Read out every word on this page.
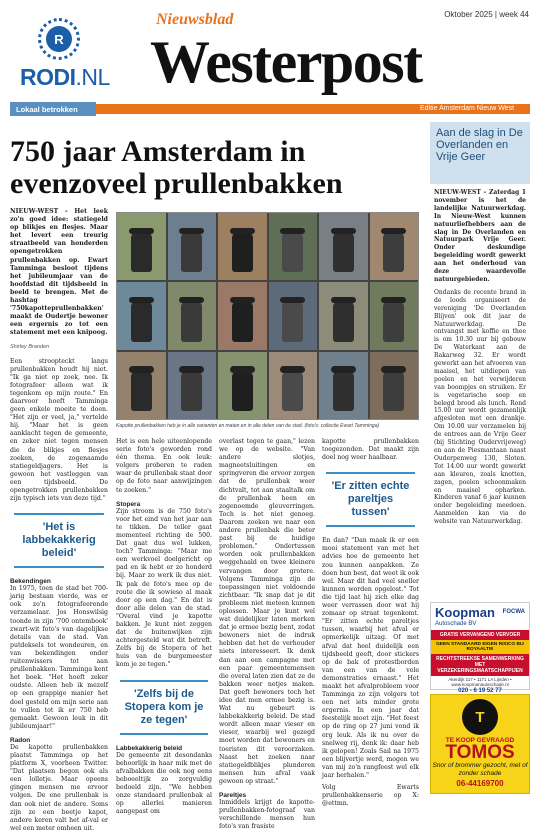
R
RODI.NL
Oktober 2025 | week 44
Nieuwsblad
Westerpost
Lokaal betrokken	Editie Amsterdam Nieuw West
750 jaar Amsterdam in evenzoveel prullenbakken

NIEUW-WEST – Het leek zo'n goed idee: statiegeld op blikjes en flesjes. Maar het levert een treurig straatbeeld van honderden opengetrokken prullenbakken op. Ewart Tamminga besloot tijdens het jubileumjaar van de hoofdstad dit tijdsbeeld in beeld te brengen. Met de hashtag '750kapotteprullenbakken' maakt de Oudertje bewoner een ergernis zo tot een statement met een knipoog.

Shirley Branden

Een stroopteckt langs prullenbakken houdt hij niet. "Ik ga niet op zoek, nee. Ik fotografeer alleen wat ik tegenkom op mijn route." En daarvoor hoeft Tamminga geen enkele moeite te doen. "Het zijn er veel, ja," vertelde hij. "Maar het is geen aanklacht tegen de gemeente, en zeker niet tegen mensen die de blikjes en flesjes zoeken, de zogenaamde statiegeldjagers. Het is gewoon het vastleggen van een tijdsbeeld. De opengetrokken prullenbakken zijn typisch iets van deze tijd."

'Het is labbekakkerig beleid'
Bekendingen

In 1975, toen de stad het 700-jarig bestaan vierde, was er ook zo'n fotografeerende verzamelaar. Jos Honswilsig toonde in zijn '700 ontembook' zwart-wit foto's van dagelijkse details van de stad. Van putdeksels tot wondeuren, en van bekendingen onder ruitenwissers tot aan prullenbakken. Tamminga kent het boek. "Het hoeft zeker oudste. Alleen heb ik mezelf op een grappige manier het doel gesteld om mijn serie aan te vullen tot ik er 750 heb gemaakt. Gewoon leuk in dit jubileumjaar!"

Radon

De kapotte prullenbakken plaatst Tamminga op het platform X, voorheen Twitter. "Dat plaatsen begon ook als een lolletje. Maar opeens gingen mensen me ervoor volgen. De ene prullenbak is dan ook niet de andere. Soms zijn ze een beetje kapot, andere keren valt het af-val er wel een meter omheen uit.

Kapotte prullenbakken heb je in alle varianten en maten en in alle delen van de stad. (foto's: collectie Ewart Tamminga)

Het is een hele uiteenlopende serie foto's geworden rond één thema. En ook leuk: volgers proberen te raden waar de prullenbak staat door op de foto naar aanwijzingen te zoeken."

Stopera

Zijn stroom is de 750 foto's voor het eind van het jaar aan te tikken. De teller gaat momenteel richting de 500. Dat gaat dus wel lukken, toch? Tamminga: "Maar me een werkvoel doelgericht op pad en ik hebt er zo honderd bij. Maar zo werk ik dus niet. Ik pak de foto's mee op de route die ik sowieso al maak door op een dag." En dat is door alle delen van de stad. "Overal vind je kapotte bakken. Je kunt niet zeggen dat de buitenwijken zijn achtergesteld wat dit betreft. Zelfs bij de Stopera of het huis van de burgemeester kom je ze tegen."

'Zelfs bij de Stopera kom je ze tegen'
Labbekakkerig beleid

De gemeente zit desondanks behoorlijk in haar mik met de afvalbakken die ook nog eens beboeeltijk zo zorgvuldig bedoeld zijn. "We hebben onze standaard prullenbak al op allerlei manieren aangepast om

overlast tegen te gaan," lezen we op de website. "Van andere slotjes, magneetsluitingen en springveren die ervoor zorgen dat de prullenbak weer dichtvalt, tot aan staaltalk om de prullenbak heen en zogenoemde gleuverringen. Toch is het niet genoeg. Daarom zoeken we naar een andere prullenbak die beter past bij de huidige problemen." Ondertussen worden ook prullenbakken weggehaald en twee kleinere vervangen door grotere. Volgens Tamminga zijn de toepassingen niet voldoende zichtbaar. "Ik snap dat je dit probleem niet meteen kunnen oplossen. Maar je kunt wel wat duidelijker laten merken dat je ermee bezig bent, zodat bewoners niet de indruk hebben dat het de verhouder niets interesseert. Ik denk dan aan een campagne met een paar gemeentemensen die overal laten zien dat ze de bakken weer netjes maken. Dat geeft bewoners toch het idee dat men ermee bezig is. Wat nu gebeurt is labbekakkerig beleid. De stad wordt alleen maar vieser en vieser, waarbij wel gezegd moet worden dat bewoners en toeristen dit veroorzaken. Naast het zoeken naar statiegeldblikjes plunderen mensen hun afval vaak gewoon op straat."

Pareltjes

Inmiddels krijgt de kapotte-prullenbakken-fotograaf van verschillende mensen hun foto's van frasiste

kapotte prullenbakken toegezonden. Dat maakt zijn doel nog weer haalbaar.

'Er zitten echte pareltjes tussen'

En dan? "Dan maak ik er een mooi statement van met het advies hoe de gemeente het zou kunnen aanpakken. Ze doen hun best, dat weet ik ook wel. Maar dit had veel sneller kunnen worden opgelost." Tot die tijd laat hij zich elke dag weer verrassen door wat hij zomaar op straat tegenkomt. "Er zitten echte pareltjes tussen, waarbij het afval er opmerkelijk uitzag. Of met afval dat heel duidelijk een tijdsbeeld geeft, door stickers op de bak of protestborden van een van de vele demonstraties ernaast." Het maakt het afvalprobleem voor Tamminga zo zijn volgers tot een net iets minder grote ergernis. In een jaar dat feestelijk moet zijn. "Het feest op de ring op 27 juni vond ik erg leuk. Als ik nu over de snelweg rij, denk ik: daar heb ik gelopen! Zoals Sail na 1975 een blijvertje werd, mogen we van mij zo'n rangfeest wel elk jaar herhalen."

Volg Ewarts prullenbakkenserie op X: @ettmn.

Aan de slag in De Overlanden en Vrije Geer

NIEUW-WEST – Zaterdag 1 november is het de landelijke Natuurwerkdag. In Nieuw-West kunnen natuurliefhebbers aan de slag in De Overlanden en Natuurpark Vrije Geer. Onder deskundige begeleiding wordt gewerkt aan het onderhoud van deze waardevolle natuurgebieden.

Ondanks de recente brand in de loods organiseert de vereniging 'De Overlanden Blijven' ook dit jaar de Natuurwerkdag. De ontvangst met koffie en thee is om 10.30 uur bij gebouw De Waterkant aan de Rakarweg 32. Er wordt gewerkt aan het afvoeren van maaisel, het uitdiepen van poelen en het verwijderen van boompjes en struiken. Er is vegetarische soep en belegd brood als lunch. Rond 15.00 uur wordt gezamenlijk afgesloten met een drankje. Om 10.00 uur verzamelen bij de entrees aan de Vrije Geer (bij Stichting Oudervrijeweg) en aan de Piesmantaan naast Ouderpenweg 130, Sloten. Tot 14.00 uur wordt gewerkt aan kleuren, zoals knotten, zagen, poelen schoonmaken en maaisel opharken. Kinderen vanaf 6 jaar kunnen onder begeleiding meedoen. Aanmelden kan via de website van Natuurwerkdag.

Koopman FOCWA
Autoschade BV
GRATIS VERVANGEND VERVOER
GEEN STANDAARD EIGEN RISICO BIJ ROYAALTIE
RECHTSTREEKSE SAMENWERKING MET VERZEKERINGSMAATSCHAPPIJEN
Akerdijk 117 • 1171 LA Lijnden • www.koopmanautoschade.nl
020 - 6 19 52 77
T
TE KOOP GEVRAAGD
TOMOS
Snor of brommer gezocht, met of zonder schade
06-44169700
